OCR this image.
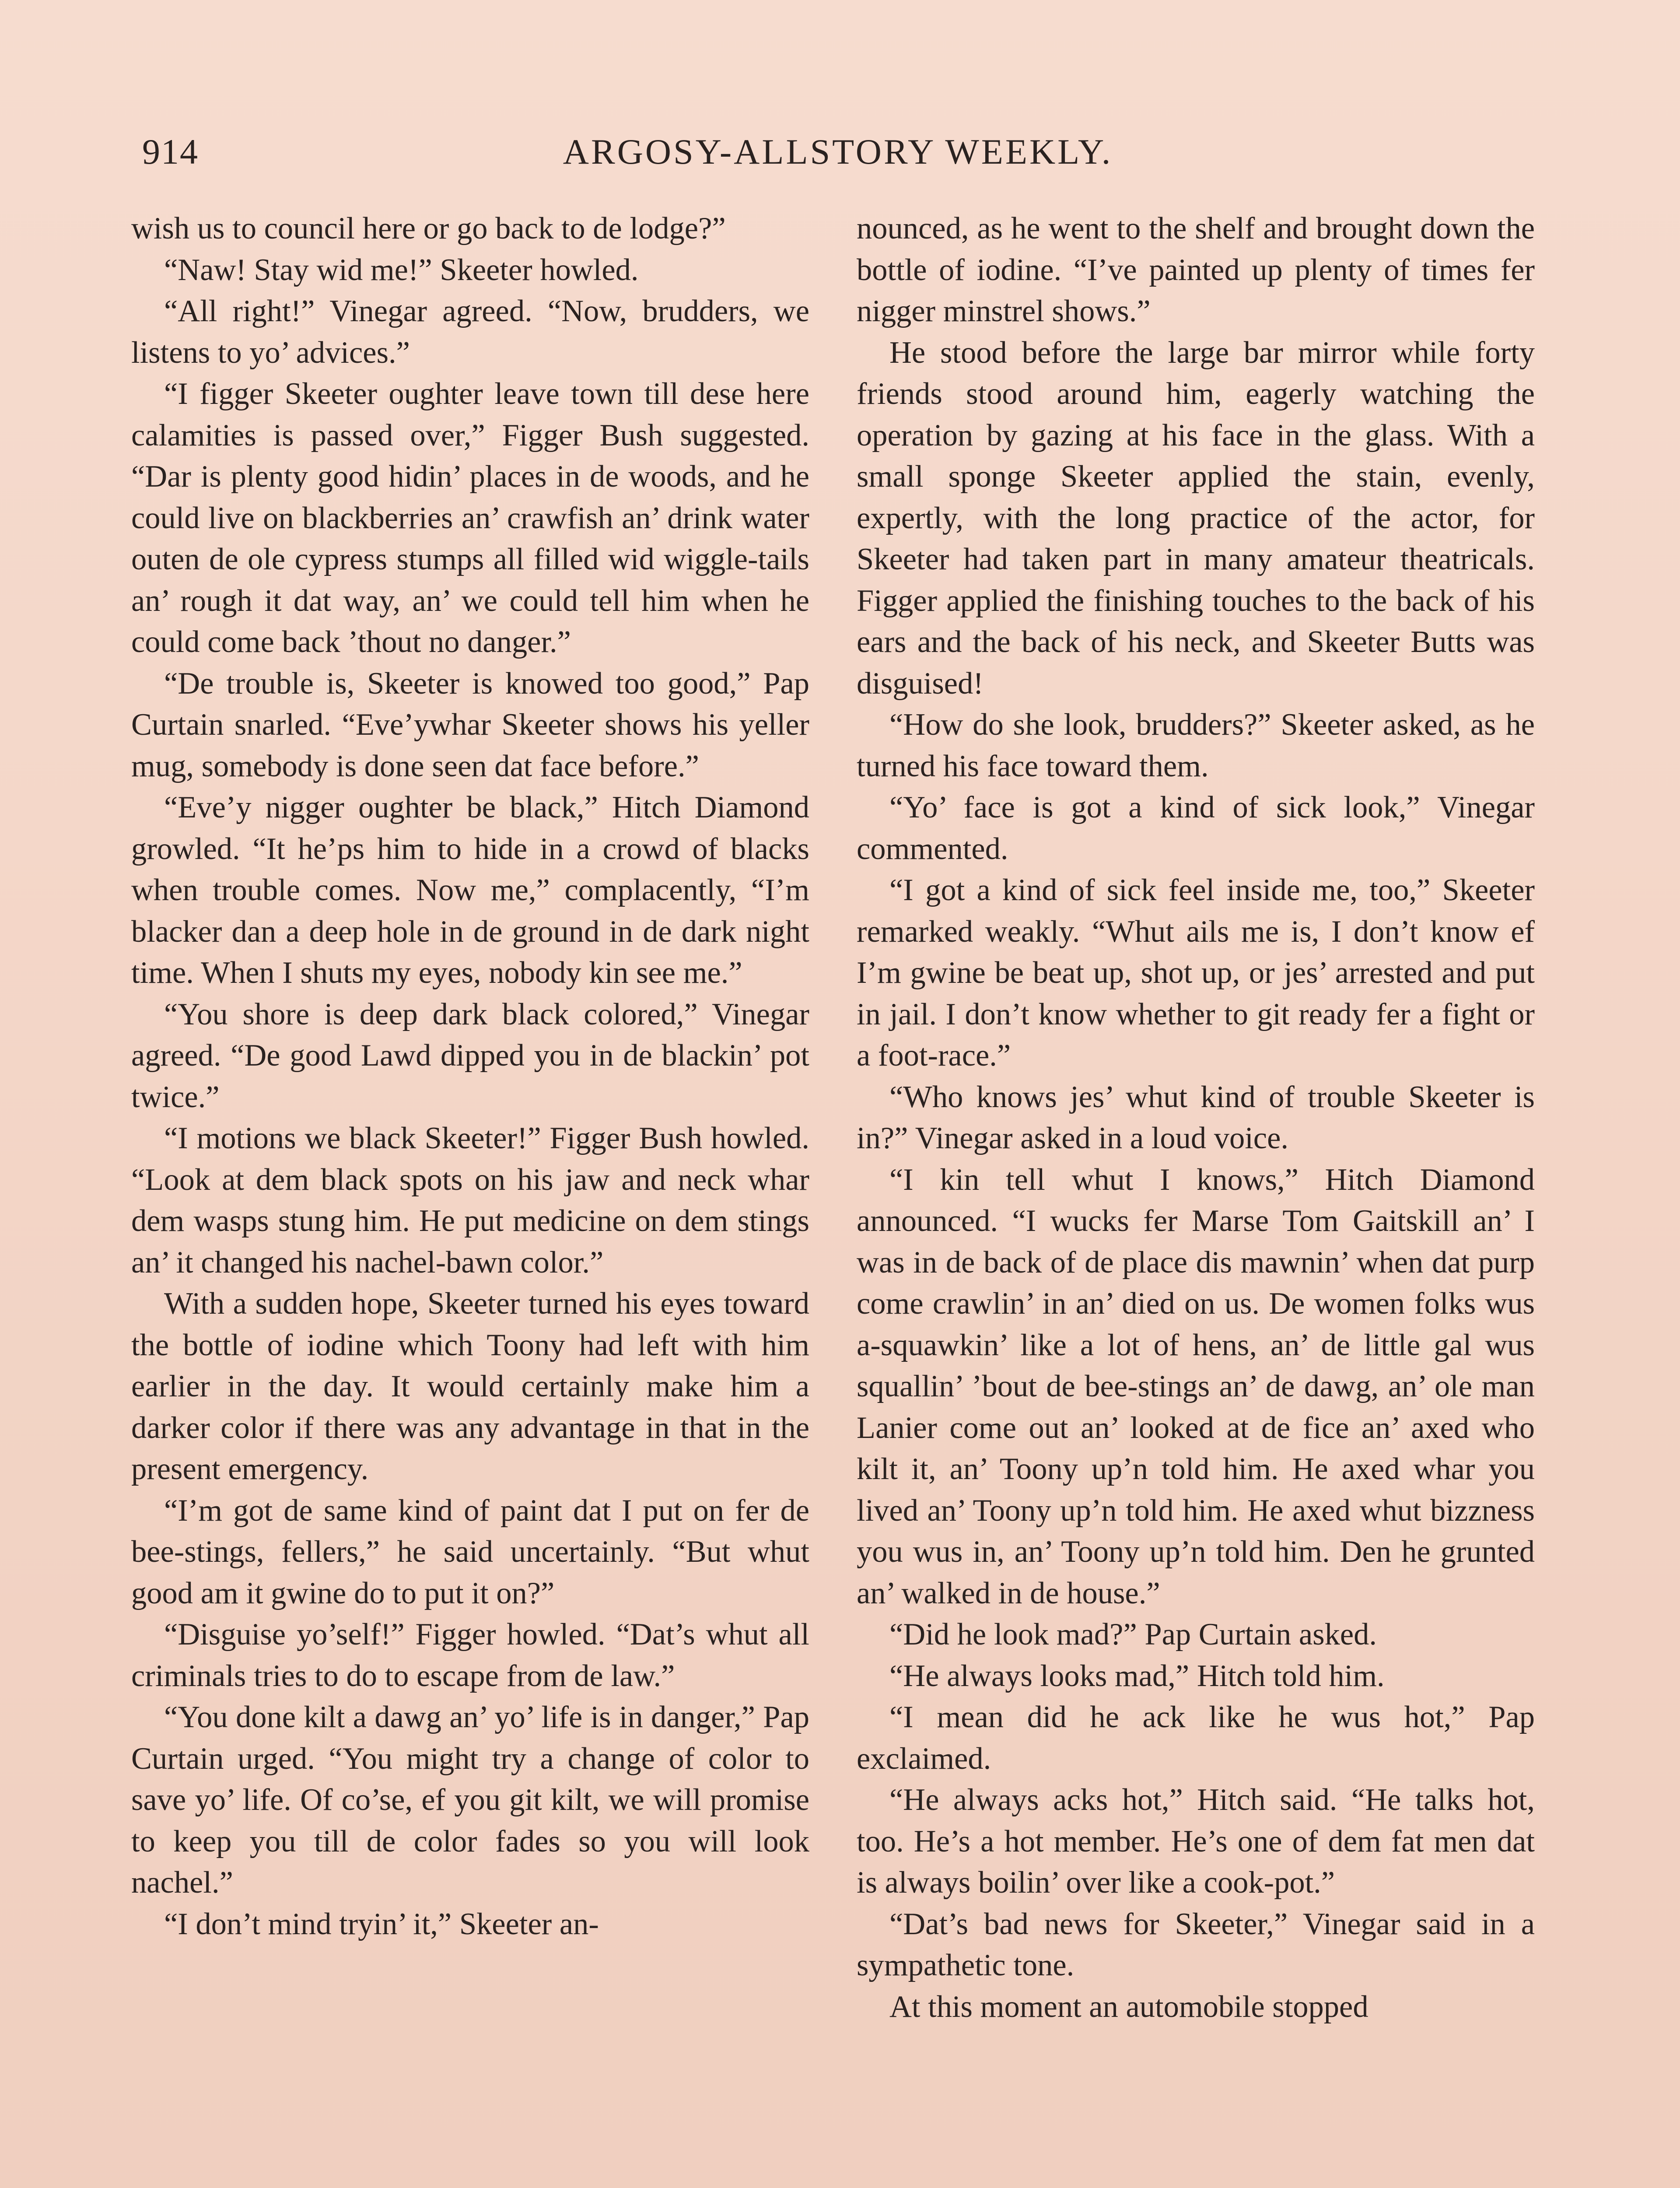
914	ARGOSY-ALLSTORY WEEKLY.

wish us to council here or go back to de lodge?”

“Naw! Stay wid me!” Skeeter howled.

“All right!” Vinegar agreed. “Now, brudders, we listens to yo’ advices.”

“I figger Skeeter oughter leave town till dese here calamities is passed over,” Figger Bush suggested. “Dar is plenty good hidin’ places in de woods, and he could live on blackberries an’ crawfish an’ drink water outen de ole cypress stumps all filled wid wiggle-tails an’ rough it dat way, an’ we could tell him when he could come back ’thout no danger.”

“De trouble is, Skeeter is knowed too good,” Pap Curtain snarled. “Eve’ywhar Skeeter shows his yeller mug, somebody is done seen dat face before.”

“Eve’y nigger oughter be black,” Hitch Diamond growled. “It he’ps him to hide in a crowd of blacks when trouble comes. Now me,” complacently, “I’m blacker dan a deep hole in de ground in de dark night time. When I shuts my eyes, nobody kin see me.”

“You shore is deep dark black colored,” Vinegar agreed. “De good Lawd dipped you in de blackin’ pot twice.”

“I motions we black Skeeter!” Figger Bush howled. “Look at dem black spots on his jaw and neck whar dem wasps stung him. He put medicine on dem stings an’ it changed his nachel-bawn color.”

With a sudden hope, Skeeter turned his eyes toward the bottle of iodine which Toony had left with him earlier in the day. It would certainly make him a darker color if there was any advantage in that in the present emergency.

“I’m got de same kind of paint dat I put on fer de bee-stings, fellers,” he said uncertainly. “But whut good am it gwine do to put it on?”

“Disguise yo’self!” Figger howled. “Dat’s whut all criminals tries to do to escape from de law.”

“You done kilt a dawg an’ yo’ life is in danger,” Pap Curtain urged. “You might try a change of color to save yo’ life. Of co’se, ef you git kilt, we will promise to keep you till de color fades so you will look nachel.”

“I don’t mind tryin’ it,” Skeeter an-

nounced, as he went to the shelf and brought down the bottle of iodine. “I’ve painted up plenty of times fer nigger minstrel shows.”

He stood before the large bar mirror while forty friends stood around him, eagerly watching the operation by gazing at his face in the glass. With a small sponge Skeeter applied the stain, evenly, expertly, with the long practice of the actor, for Skeeter had taken part in many amateur theatricals. Figger applied the finishing touches to the back of his ears and the back of his neck, and Skeeter Butts was disguised!

“How do she look, brudders?” Skeeter asked, as he turned his face toward them.

“Yo’ face is got a kind of sick look,” Vinegar commented.

“I got a kind of sick feel inside me, too,” Skeeter remarked weakly. “Whut ails me is, I don’t know ef I’m gwine be beat up, shot up, or jes’ arrested and put in jail. I don’t know whether to git ready fer a fight or a foot-race.”

“Who knows jes’ whut kind of trouble Skeeter is in?” Vinegar asked in a loud voice.

“I kin tell whut I knows,” Hitch Diamond announced. “I wucks fer Marse Tom Gaitskill an’ I was in de back of de place dis mawnin’ when dat purp come crawlin’ in an’ died on us. De women folks wus a-squawkin’ like a lot of hens, an’ de little gal wus squallin’ ’bout de bee-stings an’ de dawg, an’ ole man Lanier come out an’ looked at de fice an’ axed who kilt it, an’ Toony up’n told him. He axed whar you lived an’ Toony up’n told him. He axed whut bizzness you wus in, an’ Toony up’n told him. Den he grunted an’ walked in de house.”

“Did he look mad?” Pap Curtain asked.

“He always looks mad,” Hitch told him.

“I mean did he ack like he wus hot,” Pap exclaimed.

“He always acks hot,” Hitch said. “He talks hot, too. He’s a hot member. He’s one of dem fat men dat is always boilin’ over like a cook-pot.”

“Dat’s bad news for Skeeter,” Vinegar said in a sympathetic tone.

At this moment an automobile stopped
